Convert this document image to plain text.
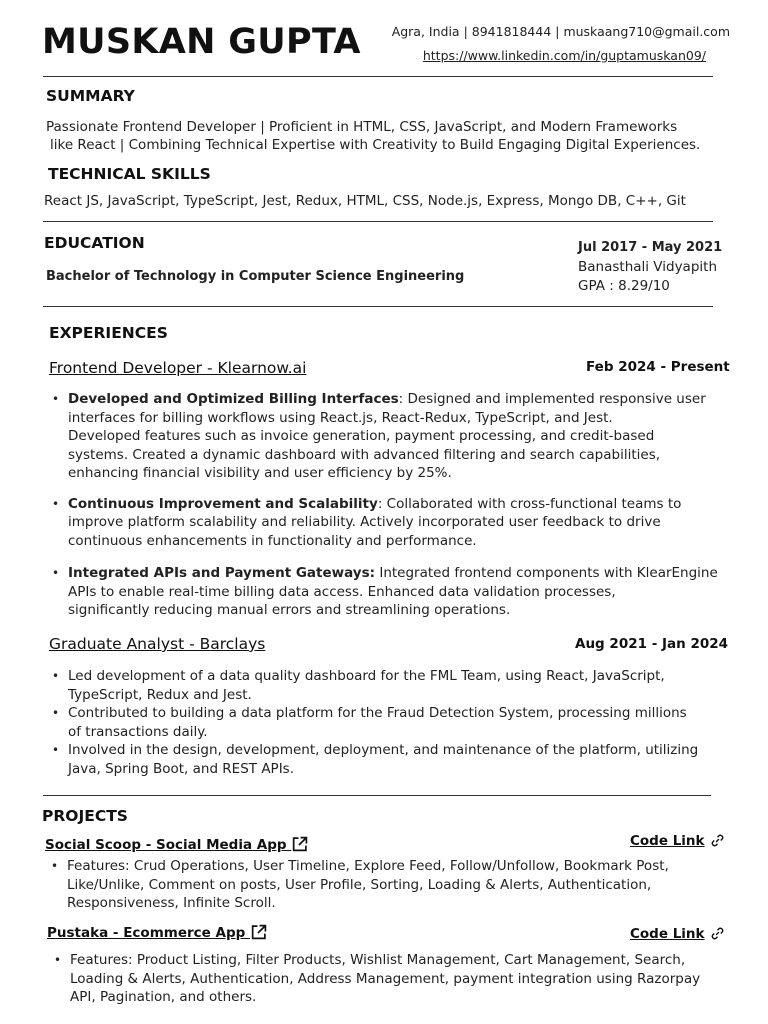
MUSKAN GUPTA Agra, India | 8941818444 | muskaang710@gmail.com
https://www.linkedin.com/in/guptamuskan09/
SUMMARY
Passionate Frontend Developer | Proficient in HTML, CSS, JavaScript, and Modern Frameworks
like React | Combining Technical Expertise with Creativity to Build Engaging Digital Experiences.
TECHNICAL SKILLS
React JS, JavaScript, TypeScript, Jest, Redux, HTML, CSS, Node.js, Express, Mongo DB, C++, Git
EDUCATION
Bachelor of Technology in Computer Science Engineering
Jul 2017 - May 2021
Banasthali Vidyapith
GPA : 8.29/10
EXPERIENCES
Frontend Developer - Klearnow.ai	Feb 2024 - Present
• Developed and Optimized Billing Interfaces: Designed and implemented responsive user
interfaces for billing workflows using React.js, React-Redux, TypeScript, and Jest.
Developed features such as invoice generation, payment processing, and credit-based
systems. Created a dynamic dashboard with advanced filtering and search capabilities,
enhancing financial visibility and user efficiency by 25%.
• Continuous Improvement and Scalability: Collaborated with cross-functional teams to
improve platform scalability and reliability. Actively incorporated user feedback to drive
continuous enhancements in functionality and performance.
• Integrated APIs and Payment Gateways: Integrated frontend components with KlearEngine
APIs to enable real-time billing data access. Enhanced data validation processes,
significantly reducing manual errors and streamlining operations.
Graduate Analyst - Barclays	Aug 2021 - Jan 2024
• Led development of a data quality dashboard for the FML Team, using React, JavaScript,
TypeScript, Redux and Jest.
• Contributed to building a data platform for the Fraud Detection System, processing millions
of transactions daily.
• Involved in the design, development, deployment, and maintenance of the platform, utilizing
Java, Spring Boot, and REST APIs.
PROJECTS
Social Scoop - Social Media App	Code Link
• Features: Crud Operations, User Timeline, Explore Feed, Follow/Unfollow, Bookmark Post,
Like/Unlike, Comment on posts, User Profile, Sorting, Loading & Alerts, Authentication,
Responsiveness, Infinite Scroll.
Pustaka - Ecommerce App	Code Link
• Features: Product Listing, Filter Products, Wishlist Management, Cart Management, Search,
Loading & Alerts, Authentication, Address Management, payment integration using Razorpay
API, Pagination, and others.
